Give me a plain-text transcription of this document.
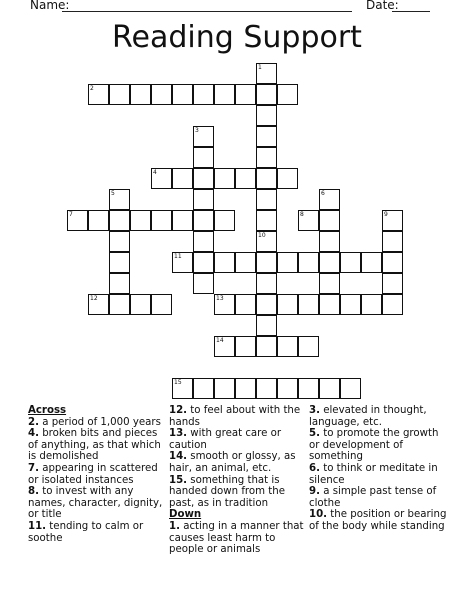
Name:	Date:
Reading Support
2
4
7	8
11
12	13
14
15
1
10
3
5	6
9

Across

2. a period of 1,000 years

4. broken bits and pieces of anything, as that which is demolished

7. appearing in scattered or isolated instances

8. to invest with any names, character, dignity, or title

11. tending to calm or soothe

12. to feel about with the hands

13. with great care or caution

14. smooth or glossy, as hair, an animal, etc.

15. something that is handed down from the past, as in tradition

Down

1. acting in a manner that causes least harm to people or animals

3. elevated in thought, language, etc.

5. to promote the growth or development of something

6. to think or meditate in silence

9. a simple past tense of clothe

10. the position or bearing of the body while standing
